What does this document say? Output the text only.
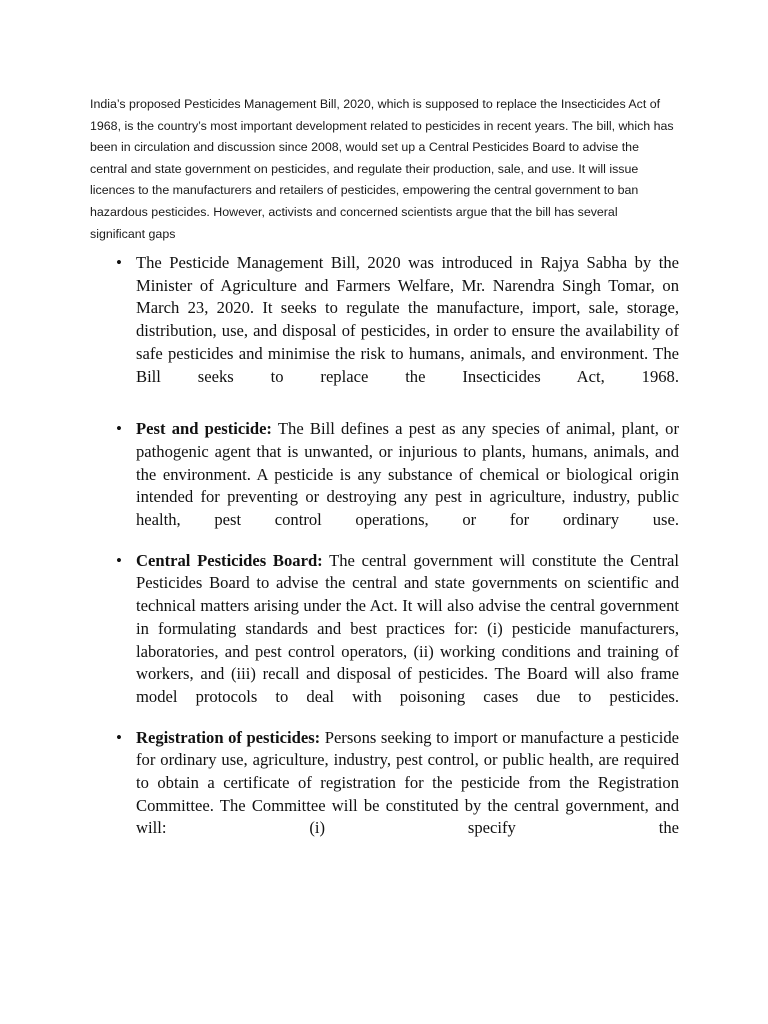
India’s proposed Pesticides Management Bill, 2020, which is supposed to replace the Insecticides Act of 1968, is the country’s most important development related to pesticides in recent years. The bill, which has been in circulation and discussion since 2008, would set up a Central Pesticides Board to advise the central and state government on pesticides, and regulate their production, sale, and use. It will issue licences to the manufacturers and retailers of pesticides, empowering the central government to ban hazardous pesticides. However, activists and concerned scientists argue that the bill has several significant gaps

• The Pesticide Management Bill, 2020 was introduced in Rajya Sabha by the Minister of Agriculture and Farmers Welfare, Mr. Narendra Singh Tomar, on March 23, 2020. It seeks to regulate the manufacture, import, sale, storage, distribution, use, and disposal of pesticides, in order to ensure the availability of safe pesticides and minimise the risk to humans, animals, and environment. The Bill seeks to replace the Insecticides Act, 1968.
• Pest and pesticide: The Bill defines a pest as any species of animal, plant, or pathogenic agent that is unwanted, or injurious to plants, humans, animals, and the environment. A pesticide is any substance of chemical or biological origin intended for preventing or destroying any pest in agriculture, industry, public health, pest control operations, or for ordinary use.
• Central Pesticides Board: The central government will constitute the Central Pesticides Board to advise the central and state governments on scientific and technical matters arising under the Act. It will also advise the central government in formulating standards and best practices for: (i) pesticide manufacturers, laboratories, and pest control operators, (ii) working conditions and training of workers, and (iii) recall and disposal of pesticides. The Board will also frame model protocols to deal with poisoning cases due to pesticides.
• Registration of pesticides: Persons seeking to import or manufacture a pesticide for ordinary use, agriculture, industry, pest control, or public health, are required to obtain a certificate of registration for the pesticide from the Registration Committee. The Committee will be constituted by the central government, and will: (i) specify the
